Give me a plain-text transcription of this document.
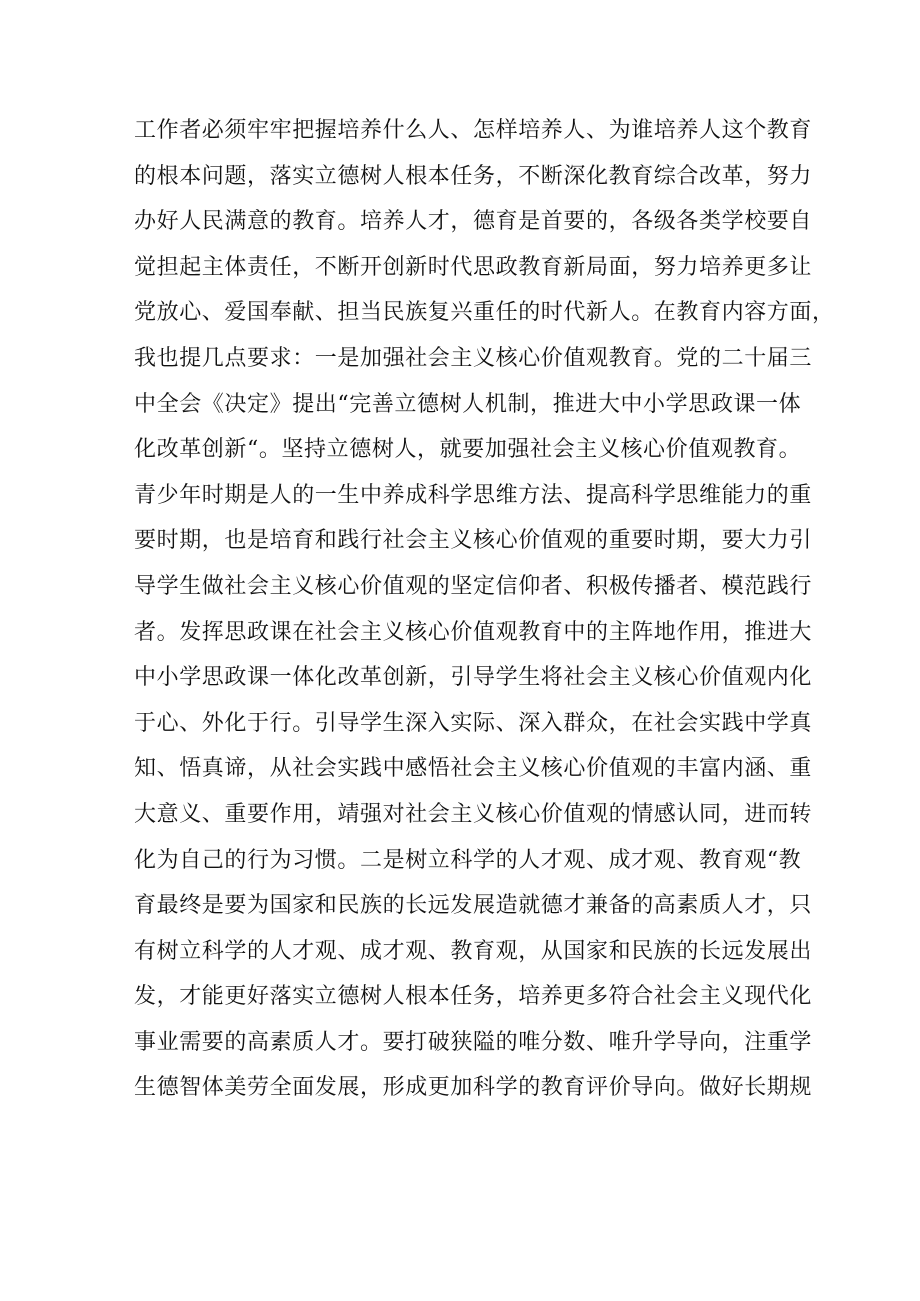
工作者必须牢牢把握培养什么人、怎样培养人、为谁培养人这个教育
的根本问题，落实立德树人根本任务，不断深化教育综合改革，努力
办好人民满意的教育。培养人才，德育是首要的，各级各类学校要自
觉担起主体责任，不断开创新时代思政教育新局面，努力培养更多让
党放心、爱国奉献、担当民族复兴重任的时代新人。在教育内容方面，
我也提几点要求：一是加强社会主义核心价值观教育。党的二十届三
中全会《决定》提出“完善立德树人机制，推进大中小学思政课一体
化改革创新“。坚持立德树人，就要加强社会主义核心价值观教育。
青少年时期是人的一生中养成科学思维方法、提高科学思维能力的重
要时期，也是培育和践行社会主义核心价值观的重要时期，要大力引
导学生做社会主义核心价值观的坚定信仰者、积极传播者、模范践行
者。发挥思政课在社会主义核心价值观教育中的主阵地作用，推进大
中小学思政课一体化改革创新，引导学生将社会主义核心价值观内化
于心、外化于行。引导学生深入实际、深入群众，在社会实践中学真
知、悟真谛，从社会实践中感悟社会主义核心价值观的丰富内涵、重
大意义、重要作用，靖强对社会主义核心价值观的情感认同，进而转
化为自己的行为习惯。二是树立科学的人才观、成才观、教育观“教
育最终是要为国家和民族的长远发展造就德才兼备的高素质人才，只
有树立科学的人才观、成才观、教育观，从国家和民族的长远发展出
发，才能更好落实立德树人根本任务，培养更多符合社会主义现代化
事业需要的高素质人才。要打破狭隘的唯分数、唯升学导向，注重学
生德智体美劳全面发展，形成更加科学的教育评价导向。做好长期规
